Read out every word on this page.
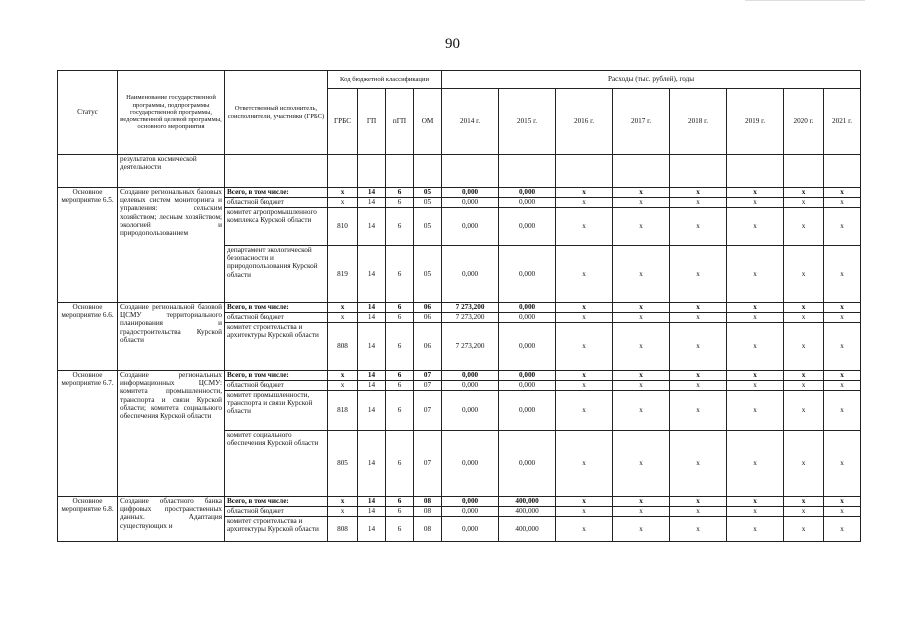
90
Статус	Наименование государственной программы, подпрограммы государственной программы, ведомственной целевой программы, основного мероприятия	Ответственный исполнитель, соисполнители, участники (ГРБС)	Код бюджетной классификации				Расходы (тыс. рублей), годы							
			ГРБС	ГП	пГП	ОМ	2014 г.	2015 г.	2016 г.	2017 г.	2018 г.	2019 г.	2020 г.	2021 г.
	результатов космической деятельности													
Основное мероприятие 6.5.	Создание региональных базовых целевых систем мониторинга и управления: сельским хозяйством; лесным хозяйством; экологией и природопользованием	Всего, в том числе:	x	14	6	05	0,000	0,000	x	x	x	x	x	x
		областной бюджет	x	14	6	05	0,000	0,000	x	x	x	x	x	x
		комитет агропромышленного комплекса Курской области	810	14	6	05	0,000	0,000	x	x	x	x	x	x
		департамент экологической безопасности и природопользования Курской области	819	14	6	05	0,000	0,000	x	x	x	x	x	x
Основное мероприятие 6.6.	Создание региональной базовой ЦСМУ территориального планирования и градостроительства Курской области	Всего, в том числе:	x	14	6	06	7 273,200	0,000	x	x	x	x	x	x
		областной бюджет	x	14	6	06	7 273,200	0,000	x	x	x	x	x	x
		комитет строительства и архитектуры Курской области	808	14	6	06	7 273,200	0,000	x	x	x	x	x	x
Основное мероприятие 6.7.	Создание региональных информационных ЦСМУ: комитета промышленности, транспорта и связи Курской области; комитета социального обеспечения Курской области	Всего, в том числе:	x	14	6	07	0,000	0,000	x	x	x	x	x	x
		областной бюджет	x	14	6	07	0,000	0,000	x	x	x	x	x	x
		комитет промышленности, транспорта и связи Курской области	818	14	6	07	0,000	0,000	x	x	x	x	x	x
		комитет социального обеспечения Курской области	805	14	6	07	0,000	0,000	x	x	x	x	x	x
Основное мероприятие 6.8.	Создание областного банка цифровых пространственных данных. Адаптация существующих и	Всего, в том числе:	x	14	6	08	0,000	400,000	x	x	x	x	x	x
		областной бюджет	x	14	6	08	0,000	400,000	x	x	x	x	x	x
		комитет строительства и архитектуры Курской области	808	14	6	08	0,000	400,000	x	x	x	x	x	x
